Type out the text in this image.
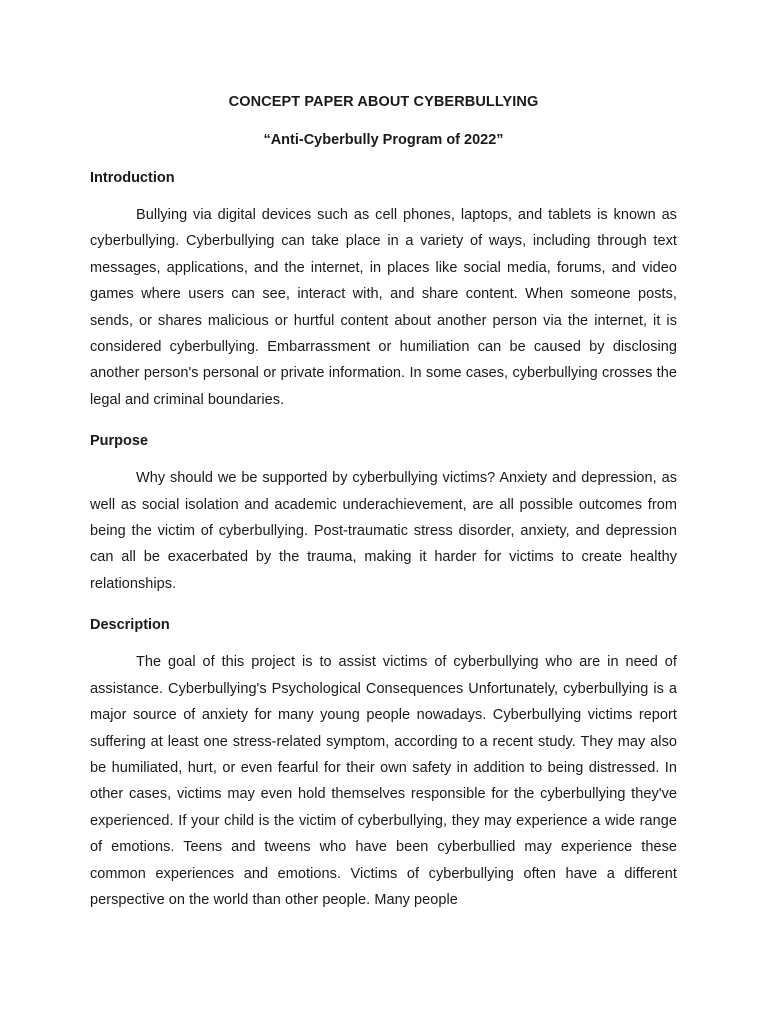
CONCEPT PAPER ABOUT CYBERBULLYING

“Anti-Cyberbully Program of 2022”

Introduction

Bullying via digital devices such as cell phones, laptops, and tablets is known as cyberbullying. Cyberbullying can take place in a variety of ways, including through text messages, applications, and the internet, in places like social media, forums, and video games where users can see, interact with, and share content. When someone posts, sends, or shares malicious or hurtful content about another person via the internet, it is considered cyberbullying. Embarrassment or humiliation can be caused by disclosing another person's personal or private information. In some cases, cyberbullying crosses the legal and criminal boundaries.

Purpose

Why should we be supported by cyberbullying victims? Anxiety and depression, as well as social isolation and academic underachievement, are all possible outcomes from being the victim of cyberbullying. Post-traumatic stress disorder, anxiety, and depression can all be exacerbated by the trauma, making it harder for victims to create healthy relationships.

Description

The goal of this project is to assist victims of cyberbullying who are in need of assistance. Cyberbullying's Psychological Consequences Unfortunately, cyberbullying is a major source of anxiety for many young people nowadays. Cyberbullying victims report suffering at least one stress-related symptom, according to a recent study. They may also be humiliated, hurt, or even fearful for their own safety in addition to being distressed. In other cases, victims may even hold themselves responsible for the cyberbullying they've experienced. If your child is the victim of cyberbullying, they may experience a wide range of emotions. Teens and tweens who have been cyberbullied may experience these common experiences and emotions. Victims of cyberbullying often have a different perspective on the world than other people. Many people
